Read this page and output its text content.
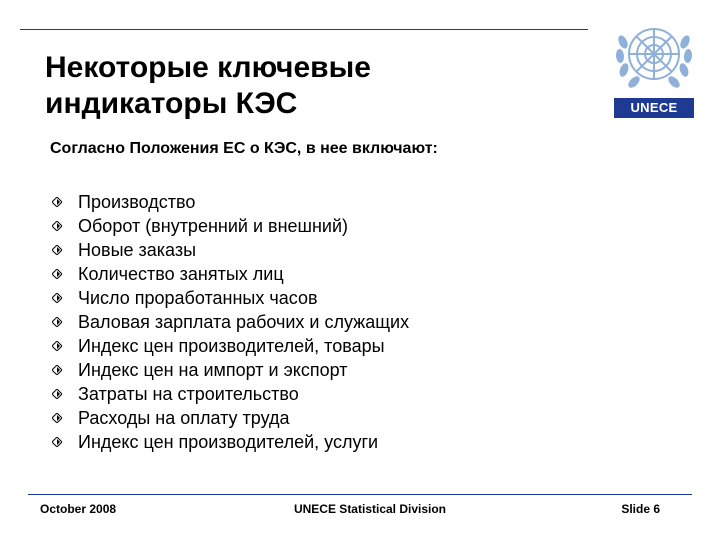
Некоторые ключевые
индикаторы КЭС	UNECE
Согласно Положения ЕС о КЭС, в нее включают:
Производство
Оборот (внутренний и внешний)
Новые заказы
Количество занятых лиц
Число проработанных часов
Валовая зарплата рабочих и служащих
Индекс цен производителей, товары
Индекс цен на импорт и экспорт
Затраты на строительство
Расходы на оплату труда
Индекс цен производителей, услуги
October 2008	UNECE Statistical Division	Slide 6
